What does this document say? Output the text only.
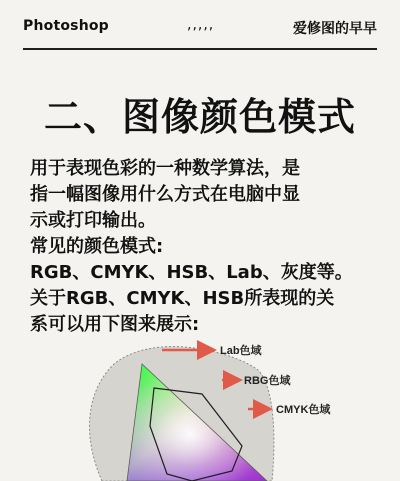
Photoshop	﻿,,,,,	爱修图的早早
二、图像颜色模式
用于表现色彩的一种数学算法，是
指一幅图像用什么方式在电脑中显
示或打印输出。
常见的颜色模式:
RGB、CMYK、HSB、Lab、灰度等。
关于RGB、CMYK、HSB所表现的关
系可以用下图来展示:
Lab色域
RBG色域
CMYK色域
